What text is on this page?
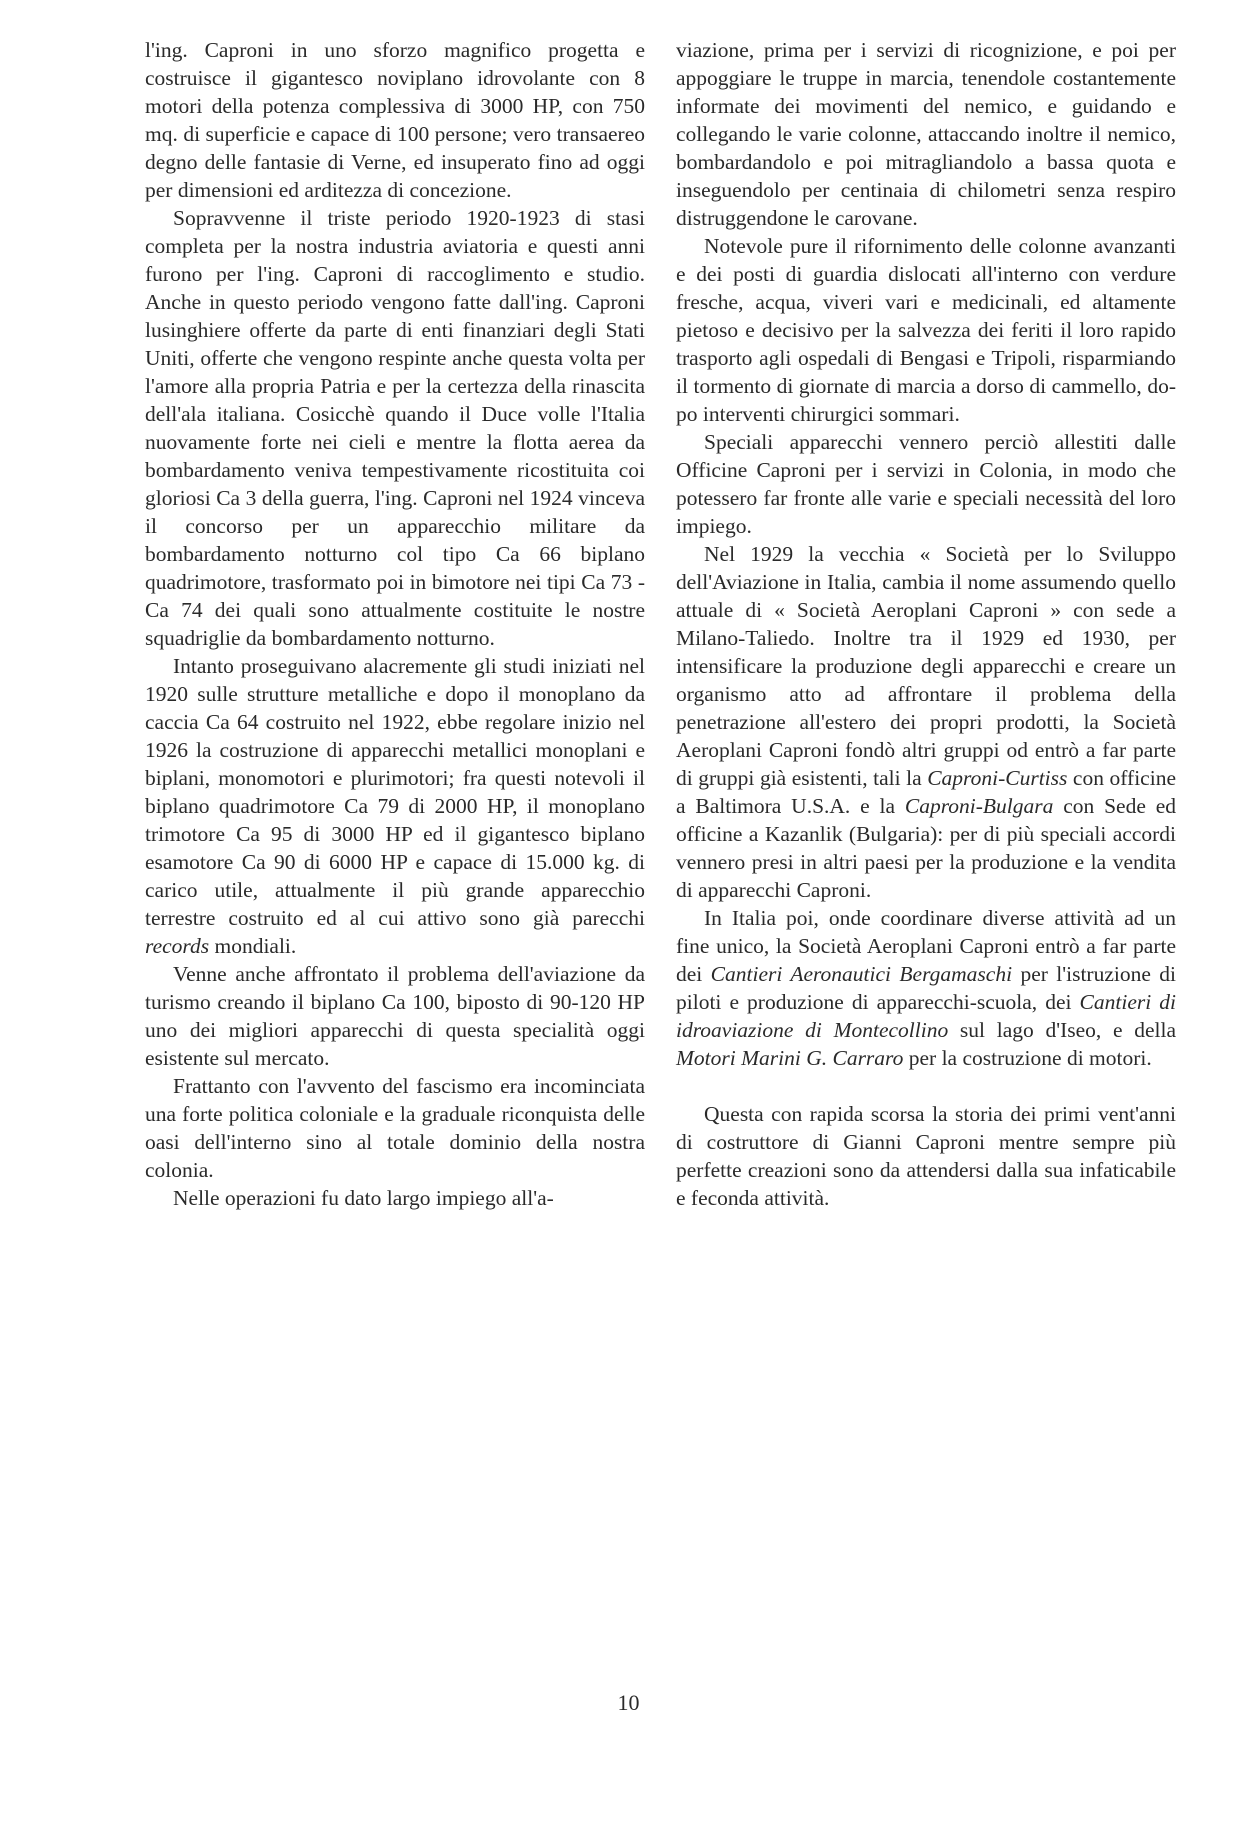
l'ing. Caproni in uno sforzo magnifico progetta e costruisce il gigantesco noviplano idrovolante con 8 motori della potenza complessiva di 3000 HP, con 750 mq. di superficie e capace di 100 persone; vero transaereo degno delle fantasie di Verne, ed insuperato fino ad oggi per dimensioni ed arditezza di concezione.

Sopravvenne il triste periodo 1920-1923 di stasi completa per la nostra industria aviatoria e questi anni furono per l'ing. Caproni di raccoglimento e studio. Anche in questo periodo vengono fatte dall'ing. Caproni lusinghiere offerte da parte di enti finanziari degli Stati Uniti, offerte che vengono respinte anche questa volta per l'amore alla propria Patria e per la certezza della rinascita dell'ala italiana. Cosicchè quando il Duce volle l'Italia nuovamente forte nei cieli e mentre la flotta aerea da bombardamento veniva tempestivamente ricostituita coi gloriosi Ca 3 della guerra, l'ing. Caproni nel 1924 vinceva il concorso per un apparecchio militare da bombardamento notturno col tipo Ca 66 biplano quadrimotore, trasformato poi in bimotore nei tipi Ca 73 - Ca 74 dei quali sono attualmente costituite le nostre squadriglie da bombardamento notturno.

Intanto proseguivano alacremente gli studi iniziati nel 1920 sulle strutture metalliche e dopo il monoplano da caccia Ca 64 costruito nel 1922, ebbe regolare inizio nel 1926 la costruzione di apparecchi metallici monoplani e biplani, monomotori e plurimotori; fra questi notevoli il biplano quadrimotore Ca 79 di 2000 HP, il monoplano trimotore Ca 95 di 3000 HP ed il gigantesco biplano esamotore Ca 90 di 6000 HP e capace di 15.000 kg. di carico utile, attualmente il più grande apparecchio terrestre costruito ed al cui attivo sono già parecchi records mondiali.

Venne anche affrontato il problema dell'aviazione da turismo creando il biplano Ca 100, biposto di 90-120 HP uno dei migliori apparecchi di questa specialità oggi esistente sul mercato.

Frattanto con l'avvento del fascismo era incominciata una forte politica coloniale e la graduale riconquista delle oasi dell'interno sino al totale dominio della nostra colonia.

Nelle operazioni fu dato largo impiego all'a-

viazione, prima per i servizi di ricognizione, e poi per appoggiare le truppe in marcia, tenendole costantemente informate dei movimenti del nemico, e guidando e collegando le varie colonne, attaccando inoltre il nemico, bombardandolo e poi mitragliandolo a bassa quota e inseguendolo per centinaia di chilometri senza respiro distruggendone le carovane.

Notevole pure il rifornimento delle colonne avanzanti e dei posti di guardia dislocati all'interno con verdure fresche, acqua, viveri vari e medicinali, ed altamente pietoso e decisivo per la salvezza dei feriti il loro rapido trasporto agli ospedali di Bengasi e Tripoli, risparmiando il tormento di giornate di marcia a dorso di cammello, dopo interventi chirurgici sommari.

Speciali apparecchi vennero perciò allestiti dalle Officine Caproni per i servizi in Colonia, in modo che potessero far fronte alle varie e speciali necessità del loro impiego.

Nel 1929 la vecchia « Società per lo Sviluppo dell'Aviazione in Italia, cambia il nome assumendo quello attuale di « Società Aeroplani Caproni » con sede a Milano-Taliedo. Inoltre tra il 1929 ed 1930, per intensificare la produzione degli apparecchi e creare un organismo atto ad affrontare il problema della penetrazione all'estero dei propri prodotti, la Società Aeroplani Caproni fondò altri gruppi od entrò a far parte di gruppi già esistenti, tali la Caproni-Curtiss con officine a Baltimora U.S.A. e la Caproni-Bulgara con Sede ed officine a Kazanlik (Bulgaria): per di più speciali accordi vennero presi in altri paesi per la produzione e la vendita di apparecchi Caproni.

In Italia poi, onde coordinare diverse attività ad un fine unico, la Società Aeroplani Caproni entrò a far parte dei Cantieri Aeronautici Bergamaschi per l'istruzione di piloti e produzione di apparecchi-scuola, dei Cantieri di idroaviazione di Montecollino sul lago d'Iseo, e della Motori Marini G. Carraro per la costruzione di motori.

Questa con rapida scorsa la storia dei primi vent'anni di costruttore di Gianni Caproni mentre sempre più perfette creazioni sono da attendersi dalla sua infaticabile e feconda attività.

10
